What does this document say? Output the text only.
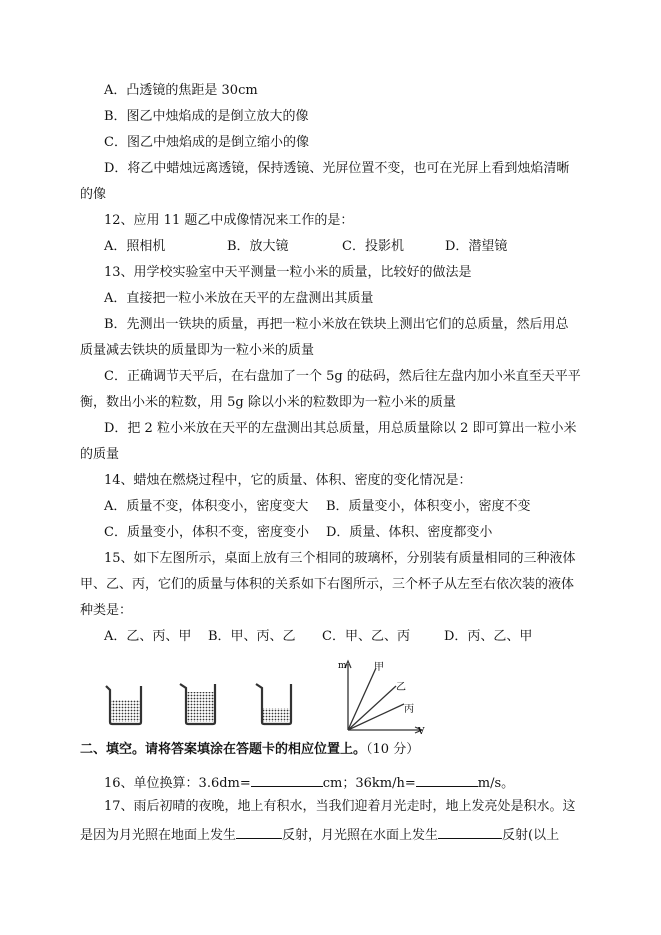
A．凸透镜的焦距是 30cm
B．图乙中烛焰成的是倒立放大的像
C．图乙中烛焰成的是倒立缩小的像
D．将乙中蜡烛远离透镜，保持透镜、光屏位置不变，也可在光屏上看到烛焰清晰
的像
12、应用 11 题乙中成像情况来工作的是：
A．照相机	B．放大镜	C．投影机	D．潜望镜
13、用学校实验室中天平测量一粒小米的质量，比较好的做法是
A．直接把一粒小米放在天平的左盘测出其质量
B．先测出一铁块的质量，再把一粒小米放在铁块上测出它们的总质量，然后用总
质量减去铁块的质量即为一粒小米的质量
C．正确调节天平后，在右盘加了一个 5g 的砝码，然后往左盘内加小米直至天平平
衡，数出小米的粒数，用 5g 除以小米的粒数即为一粒小米的质量
D．把 2 粒小米放在天平的左盘测出其总质量，用总质量除以 2 即可算出一粒小米
的质量
14、蜡烛在燃烧过程中，它的质量、体积、密度的变化情况是：
A．质量不变，体积变小，密度变大 B．质量变小，体积变小，密度不变
C．质量变小，体积不变，密度变小 D．质量、体积、密度都变小
15、如下左图所示，桌面上放有三个相同的玻璃杯，分别装有质量相同的三种液体
甲、乙、丙，它们的质量与体积的关系如下右图所示，三个杯子从左至右依次装的液体
种类是：
A．乙、丙、甲 B．甲、丙、乙 C．甲、乙、丙	D．丙、乙、甲
m
V
甲
乙
丙
二、填空。请将答案填涂在答题卡的相应位置上。（10 分）
16、单位换算：3.6dm=	cm；36km/h=	m/s。
17、雨后初晴的夜晚，地上有积水，当我们迎着月光走时，地上发亮处是积水。这
是因为月光照在地面上发生	反射，月光照在水面上发生	反射(以上
